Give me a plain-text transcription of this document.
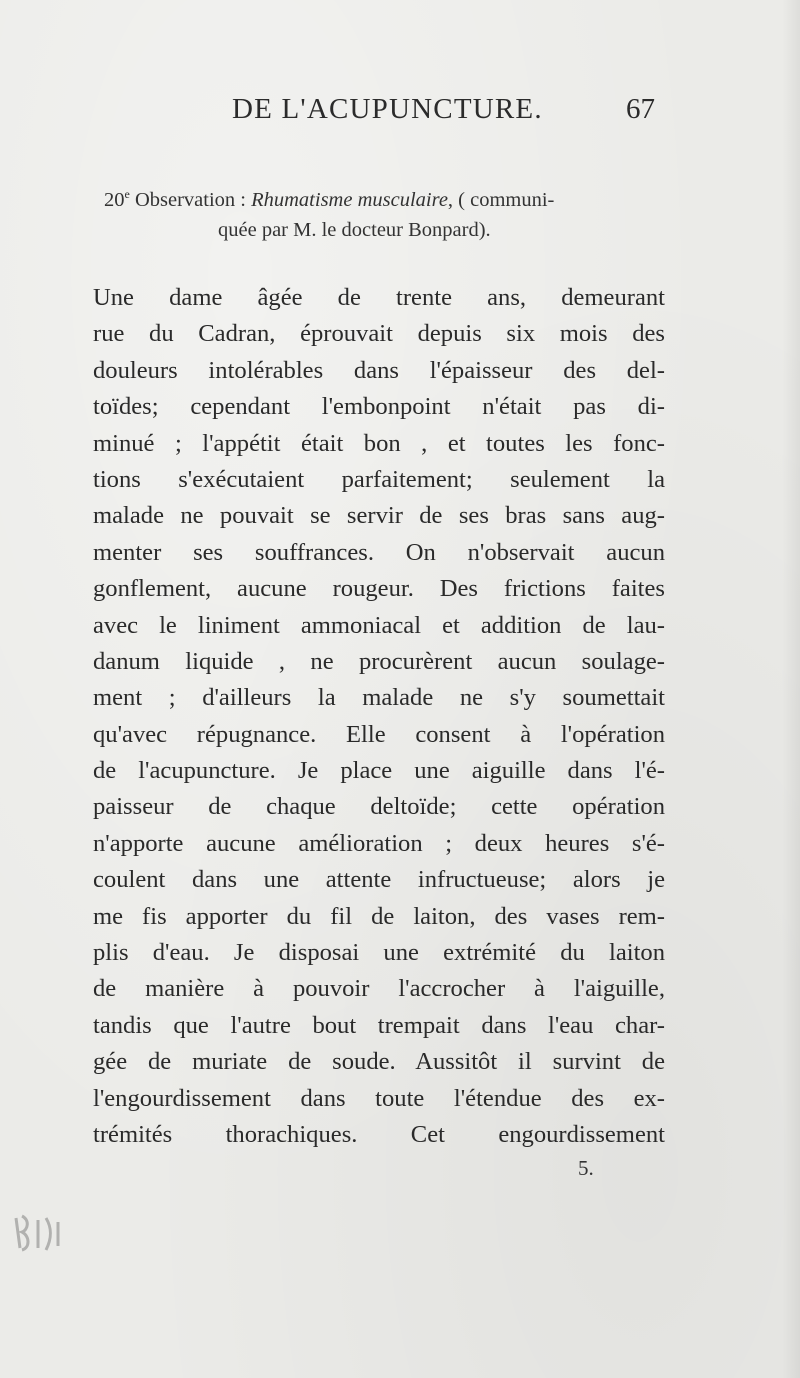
DE L'ACUPUNCTURE.	67
20e Observation : Rhumatisme musculaire, ( communi-
quée par M. le docteur Bonpard).
Une dame âgée de trente ans, demeurant
rue du Cadran, éprouvait depuis six mois des
douleurs intolérables dans l'épaisseur des del-
toïdes; cependant l'embonpoint n'était pas di-
minué ; l'appétit était bon , et toutes les fonc-
tions s'exécutaient parfaitement; seulement la
malade ne pouvait se servir de ses bras sans aug-
menter ses souffrances. On n'observait aucun
gonflement, aucune rougeur. Des frictions faites
avec le liniment ammoniacal et addition de lau-
danum liquide , ne procurèrent aucun soulage-
ment ; d'ailleurs la malade ne s'y soumettait
qu'avec répugnance. Elle consent à l'opération
de l'acupuncture. Je place une aiguille dans l'é-
paisseur de chaque deltoïde; cette opération
n'apporte aucune amélioration ; deux heures s'é-
coulent dans une attente infructueuse; alors je
me fis apporter du fil de laiton, des vases rem-
plis d'eau. Je disposai une extrémité du laiton
de manière à pouvoir l'accrocher à l'aiguille,
tandis que l'autre bout trempait dans l'eau char-
gée de muriate de soude. Aussitôt il survint de
l'engourdissement dans toute l'étendue des ex-
trémités thorachiques. Cet engourdissement
5.
